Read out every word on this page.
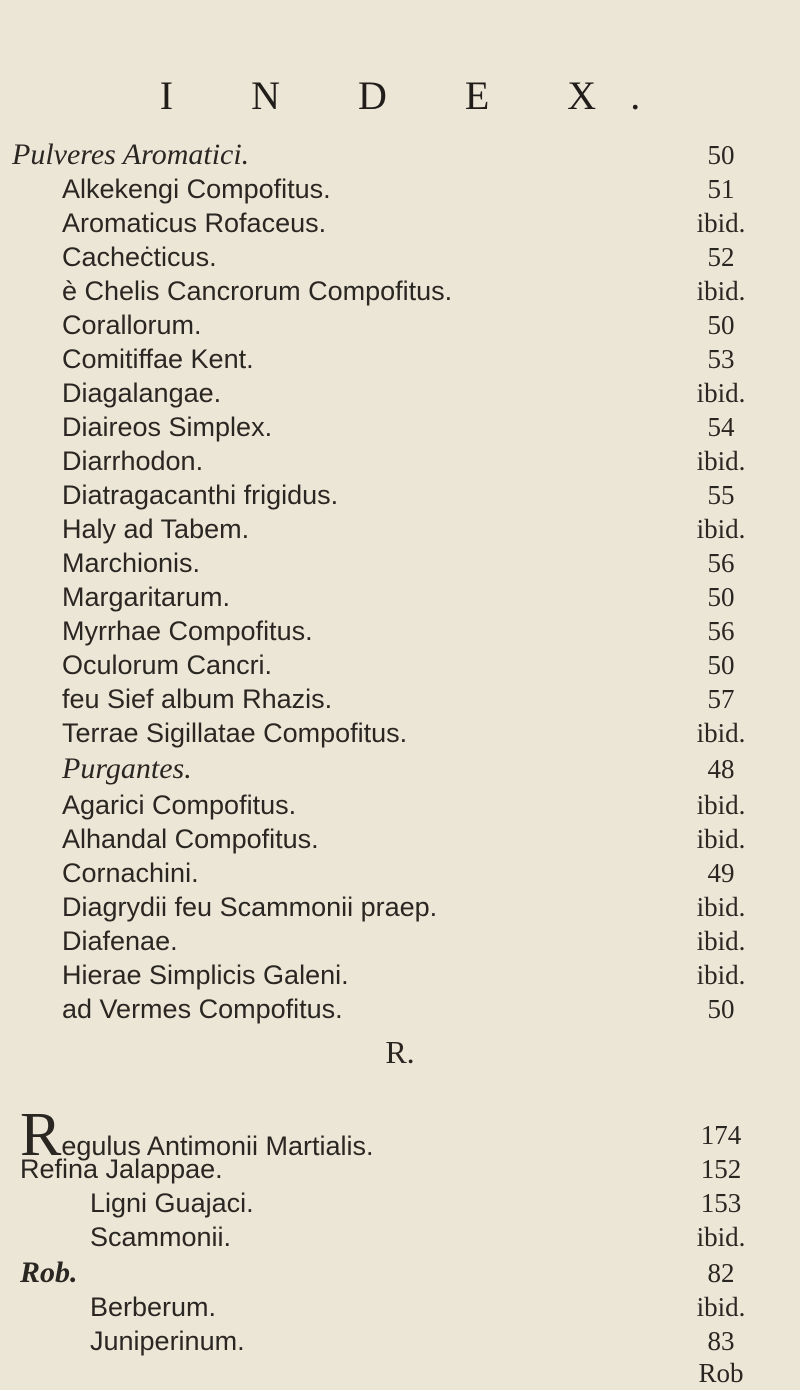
I N D E X.
Pulveres Aromatici.	50
Alkekengi Compofitus.	51
Aromaticus Rofaceus.	ibid.
Cacheċticus.	52
è Chelis Cancrorum Compofitus.	ibid.
Corallorum.	50
Comitiffae Kent.	53
Diagalangae.	ibid.
Diaireos Simplex.	54
Diarrhodon.	ibid.
Diatragacanthi frigidus.	55
Haly ad Tabem.	ibid.
Marchionis.	56
Margaritarum.	50
Myrrhae Compofitus.	56
Oculorum Cancri.	50
feu Sief album Rhazis.	57
Terrae Sigillatae Compofitus.	ibid.
Purgantes.	48
Agarici Compofitus.	ibid.
Alhandal Compofitus.	ibid.
Cornachini.	49
Diagrydii feu Scammonii praep.	ibid.
Diafenae.	ibid.
Hierae Simplicis Galeni.	ibid.
ad Vermes Compofitus.	50
R.
Regulus Antimonii Martialis.	174
Refina Jalappae.	152
Ligni Guajaci.	153
Scammonii.	ibid.
Rob.	82
Berberum.	ibid.
Juniperinum.	83
Rob
